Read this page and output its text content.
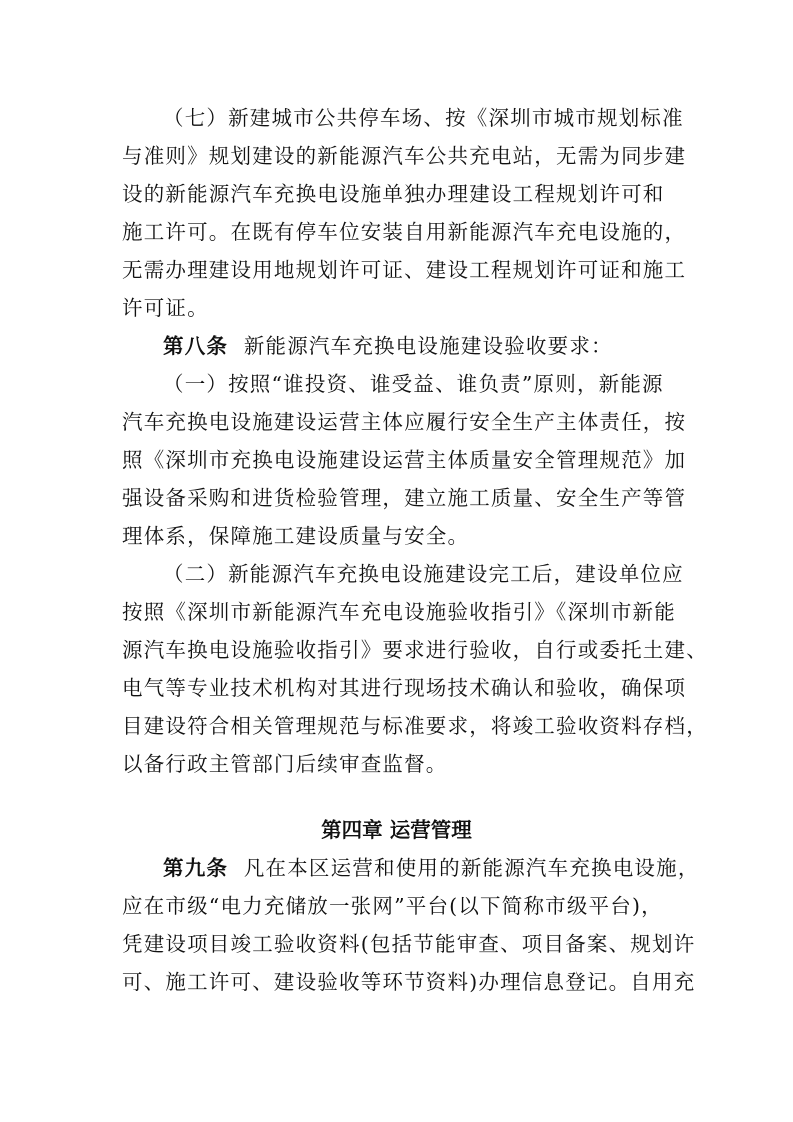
（七）新建城市公共停车场、按《深圳市城市规划标准
与准则》规划建设的新能源汽车公共充电站，无需为同步建
设的新能源汽车充换电设施单独办理建设工程规划许可和
施工许可。在既有停车位安装自用新能源汽车充电设施的，
无需办理建设用地规划许可证、建设工程规划许可证和施工
许可证。
第八条 新能源汽车充换电设施建设验收要求：
（一）按照“谁投资、谁受益、谁负责”原则，新能源
汽车充换电设施建设运营主体应履行安全生产主体责任，按
照《深圳市充换电设施建设运营主体质量安全管理规范》加
强设备采购和进货检验管理，建立施工质量、安全生产等管
理体系，保障施工建设质量与安全。
（二）新能源汽车充换电设施建设完工后，建设单位应
按照《深圳市新能源汽车充电设施验收指引》《深圳市新能
源汽车换电设施验收指引》要求进行验收，自行或委托土建、
电气等专业技术机构对其进行现场技术确认和验收，确保项
目建设符合相关管理规范与标准要求，将竣工验收资料存档，
以备行政主管部门后续审查监督。
第四章 运营管理
第九条 凡在本区运营和使用的新能源汽车充换电设施，
应在市级“电力充储放一张网”平台(以下简称市级平台)，
凭建设项目竣工验收资料(包括节能审查、项目备案、规划许
可、施工许可、建设验收等环节资料)办理信息登记。自用充
